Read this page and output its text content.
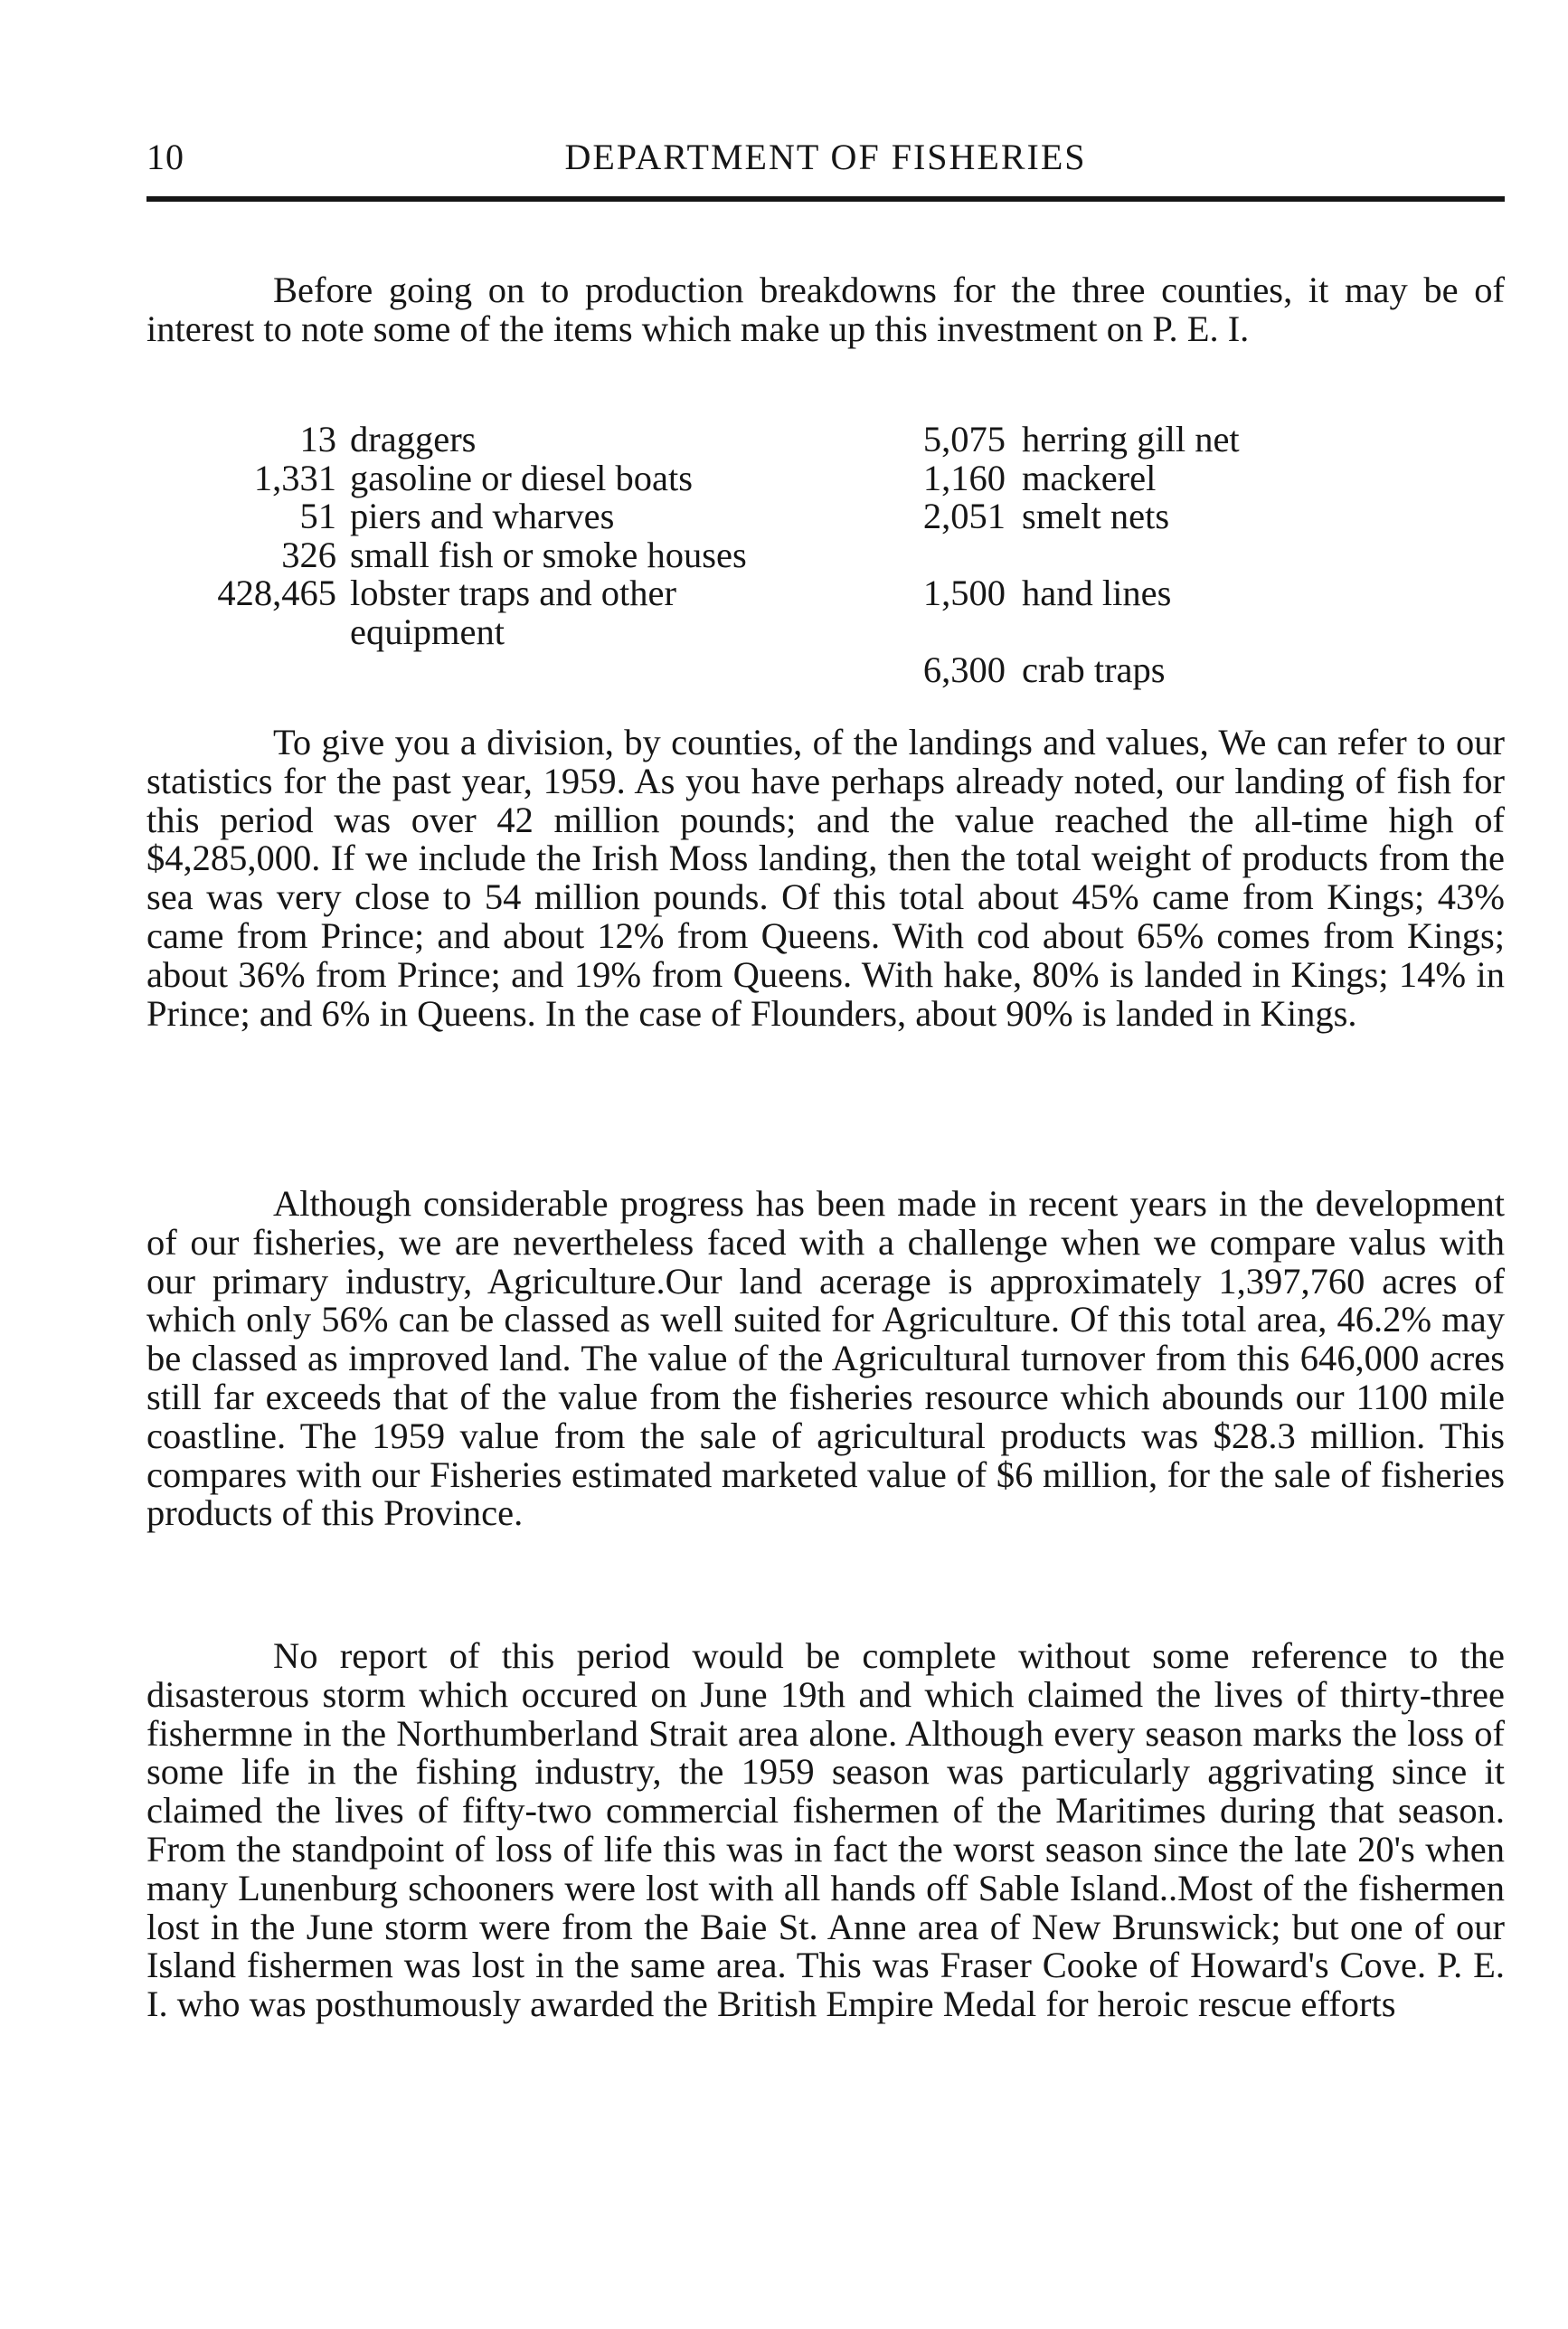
10	DEPARTMENT OF FISHERIES

Before going on to production breakdowns for the three counties, it may be of interest to note some of the items which make up this investment on P. E. I.

13 draggers
1,331 gasoline or diesel boats
51 piers and wharves
326 small fish or smoke houses
428,465 lobster traps and other equipment
5,075 herring gill net
1,160 mackerel
2,051 smelt nets
1,500 hand lines
6,300 crab traps

To give you a division, by counties, of the landings and values, We can refer to our statistics for the past year, 1959. As you have perhaps already noted, our landing of fish for this period was over 42 million pounds; and the value reached the all-time high of $4,285,000. If we include the Irish Moss landing, then the total weight of products from the sea was very close to 54 million pounds. Of this total about 45% came from Kings; 43% came from Prince; and about 12% from Queens. With cod about 65% comes from Kings; about 36% from Prince; and 19% from Queens. With hake, 80% is landed in Kings; 14% in Prince; and 6% in Queens. In the case of Flounders, about 90% is landed in Kings.

Although considerable progress has been made in recent years in the development of our fisheries, we are nevertheless faced with a challenge when we compare valus with our primary industry, Agriculture.Our land acerage is approximately 1,397,760 acres of which only 56% can be classed as well suited for Agriculture. Of this total area, 46.2% may be classed as improved land. The value of the Agricultural turnover from this 646,000 acres still far exceeds that of the value from the fisheries resource which abounds our 1100 mile coastline. The 1959 value from the sale of agricultural products was $28.3 million. This compares with our Fisheries estimated marketed value of $6 million, for the sale of fisheries products of this Province.

No report of this period would be complete without some reference to the disasterous storm which occured on June 19th and which claimed the lives of thirty-three fishermne in the Northumberland Strait area alone. Although every season marks the loss of some life in the fishing industry, the 1959 season was particularly aggrivating since it claimed the lives of fifty-two commercial fishermen of the Maritimes during that season. From the standpoint of loss of life this was in fact the worst season since the late 20's when many Lunenburg schooners were lost with all hands off Sable Island..Most of the fishermen lost in the June storm were from the Baie St. Anne area of New Brunswick; but one of our Island fishermen was lost in the same area. This was Fraser Cooke of Howard's Cove. P. E. I. who was posthumously awarded the British Empire Medal for heroic rescue efforts
